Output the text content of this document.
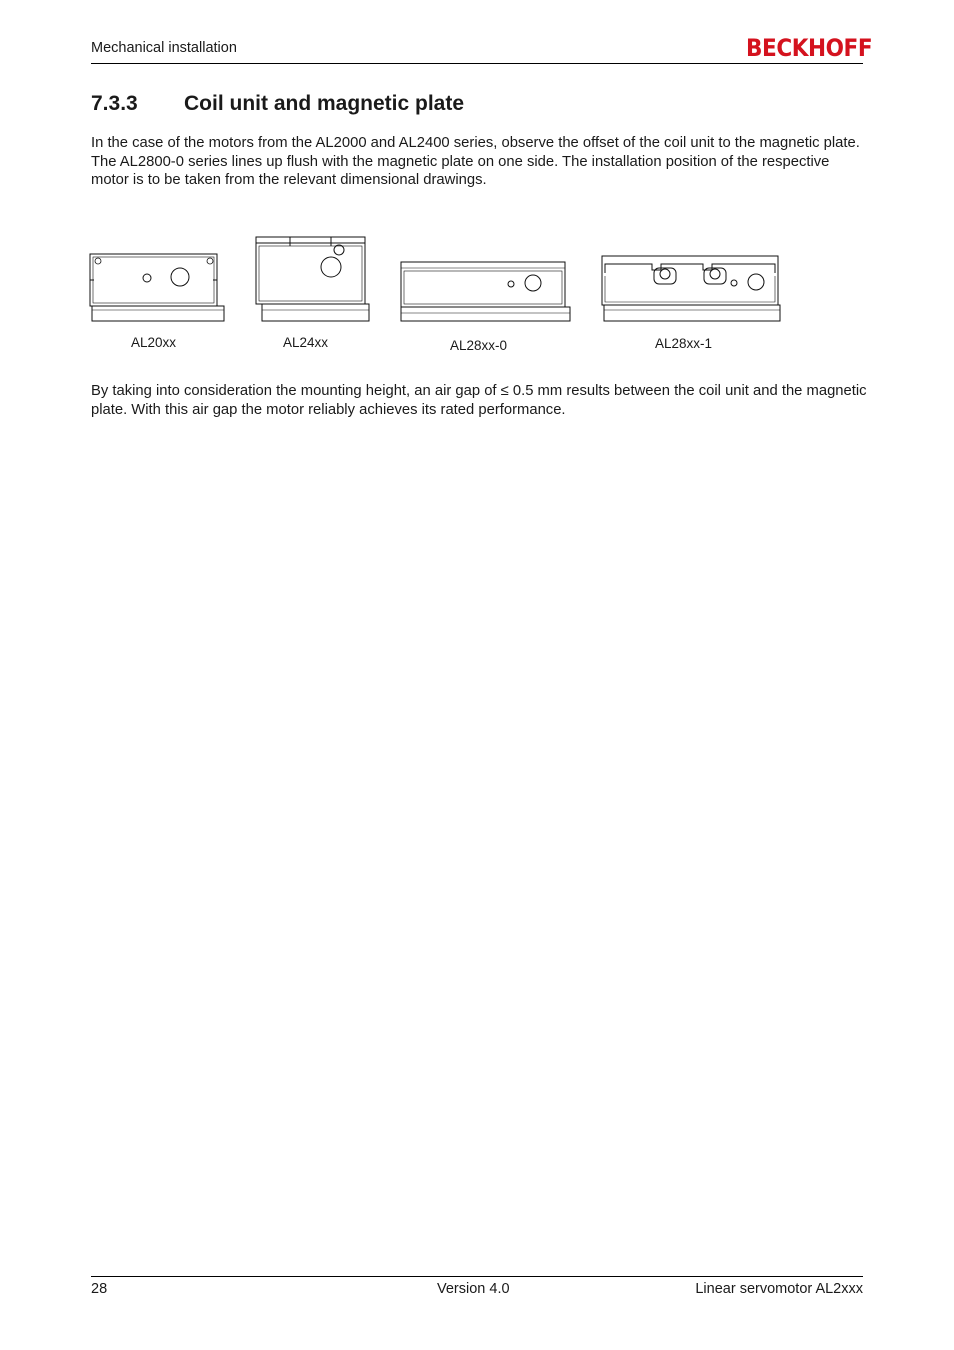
Mechanical installation	BECKHOFF
7.3.3 Coil unit and magnetic plate

In the case of the motors from the AL2000 and AL2400 series, observe the offset of the coil unit to the magnetic plate. The AL2800-0 series lines up flush with the magnetic plate on one side. The installation position of the respective motor is to be taken from the relevant dimensional drawings.

AL20xx	AL24xx	AL28xx-0	AL28xx-1

By taking into consideration the mounting height, an air gap of ≤ 0.5 mm results between the coil unit and the magnetic plate. With this air gap the motor reliably achieves its rated performance.

28	Version 4.0	Linear servomotor AL2xxx
